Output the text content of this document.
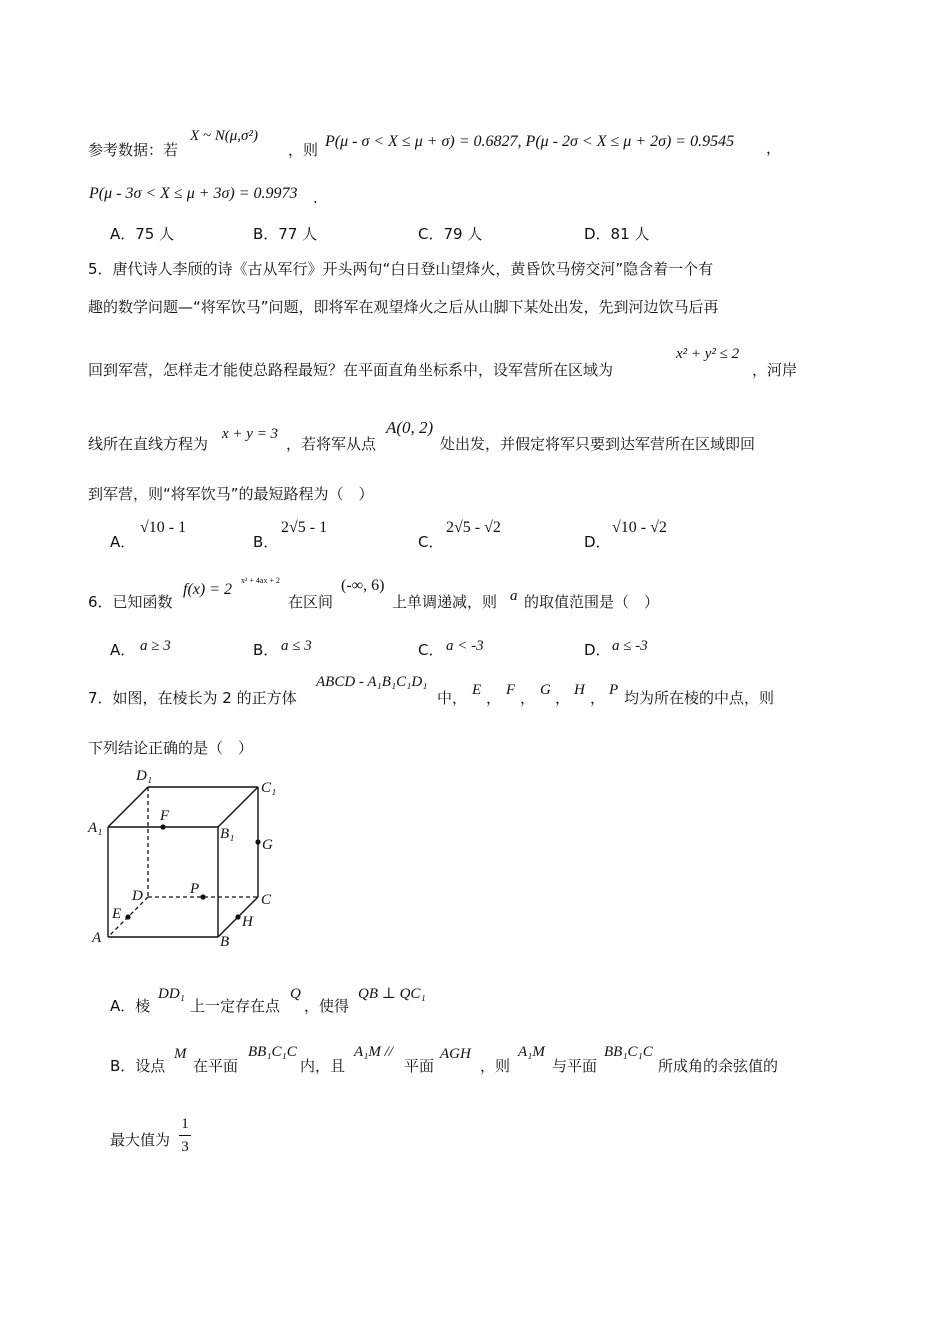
参考数据：若
X ~ N(μ,σ²)
，则 P(μ - σ < X ≤ μ + σ) = 0.6827, P(μ - 2σ < X ≤ μ + 2σ) = 0.9545 ，
P(μ - 3σ < X ≤ μ + 3σ) = 0.9973 .
A．75 人	B．77 人	C．79 人	D．81 人
5．唐代诗人李颀的诗《古从军行》开头两句“白日登山望烽火，黄昏饮马傍交河”隐含着一个有
趣的数学问题—“将军饮马”问题，即将军在观望烽火之后从山脚下某处出发，先到河边饮马后再
回到军营，怎样走才能使总路程最短？在平面直角坐标系中，设军营所在区域为
x² + y² ≤ 2
，河岸
线所在直线方程为
x + y = 3
，若将军从点
A(0, 2)
处出发，并假定将军只要到达军营所在区域即回
到军营，则“将军饮马”的最短路程为（　）
A．
√10 - 1
B．
2√5 - 1
C．
2√5 - √2
D．
√10 - √2
6．已知函数
f(x) = 2
x² + 4ax + 2
在区间
(-∞, 6)
上单调递减，则 a 的取值范围是（　）
A． a ≥ 3	B． a ≤ 3	C． a < -3	D． a ≤ -3
7．如图，在棱长为 2 的正方体
ABCD - A₁B₁C₁D₁
中， E ， F ， G ， H ， P 均为所在棱的中点，则
下列结论正确的是（　）
A	B
C
D
A₁	B₁
C₁
D₁
E
F
G
H
P
A．棱
DD₁
上一定存在点
Q
，使得
QB ⊥ QC₁
B．设点
M
在平面
BB₁C₁C
内，且
A₁M //
平面
AGH
，则
A₁M
与平面
BB₁C₁C
所成角的余弦值的
最大值为
1
3
